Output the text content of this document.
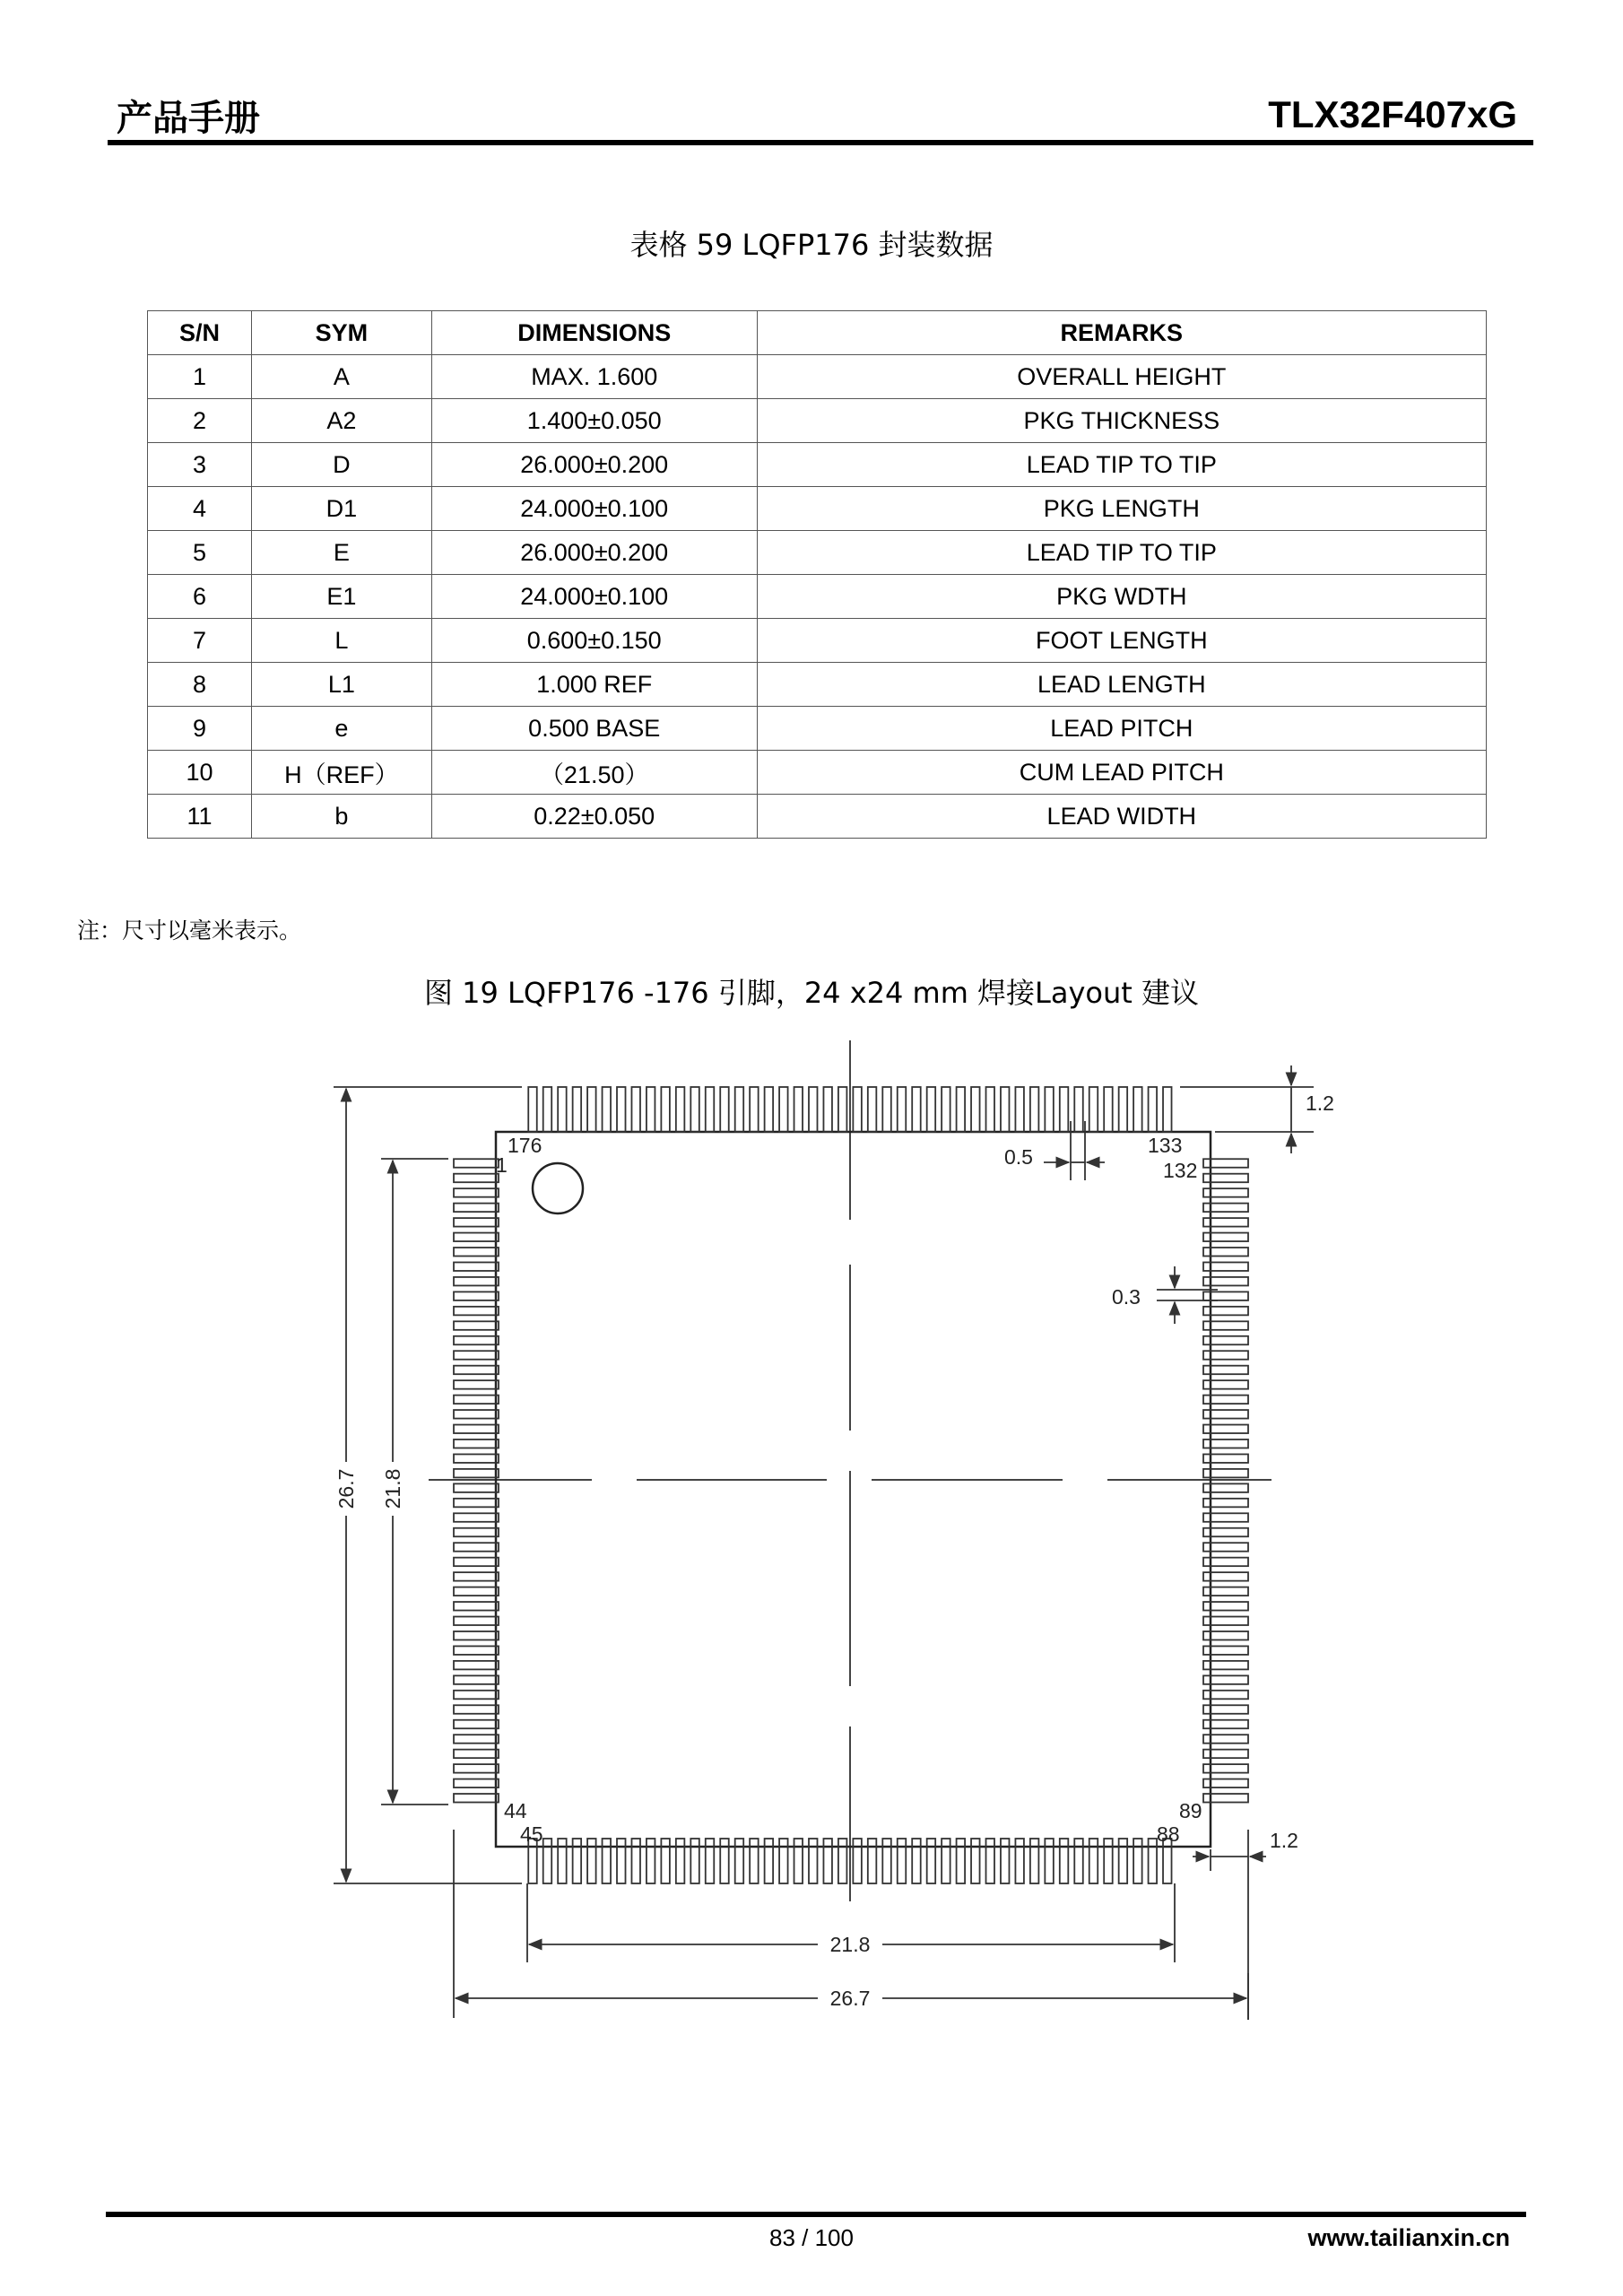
产品手册	TLX32F407xG
表格 59 LQFP176 封装数据
S/N	SYM	DIMENSIONS	REMARKS
1	A	MAX. 1.600	OVERALL HEIGHT
2	A2	1.400±0.050	PKG THICKNESS
3	D	26.000±0.200	LEAD TIP TO TIP
4	D1	24.000±0.100	PKG LENGTH
5	E	26.000±0.200	LEAD TIP TO TIP
6	E1	24.000±0.100	PKG WDTH
7	L	0.600±0.150	FOOT LENGTH
8	L1	1.000 REF	LEAD LENGTH
9	e	0.500 BASE	LEAD PITCH
10	H（REF）	（21.50）	CUM LEAD PITCH
11	b	0.22±0.050	LEAD WIDTH
注：尺寸以毫米表示。
图 19 LQFP176 -176 引脚，24 x24 mm 焊接Layout 建议
176
1
133
132
44
45
89
88
1.2
0.5
0.3
1.2
26.7 21.8
21.8
26.7
83 / 100	www.tailianxin.cn
